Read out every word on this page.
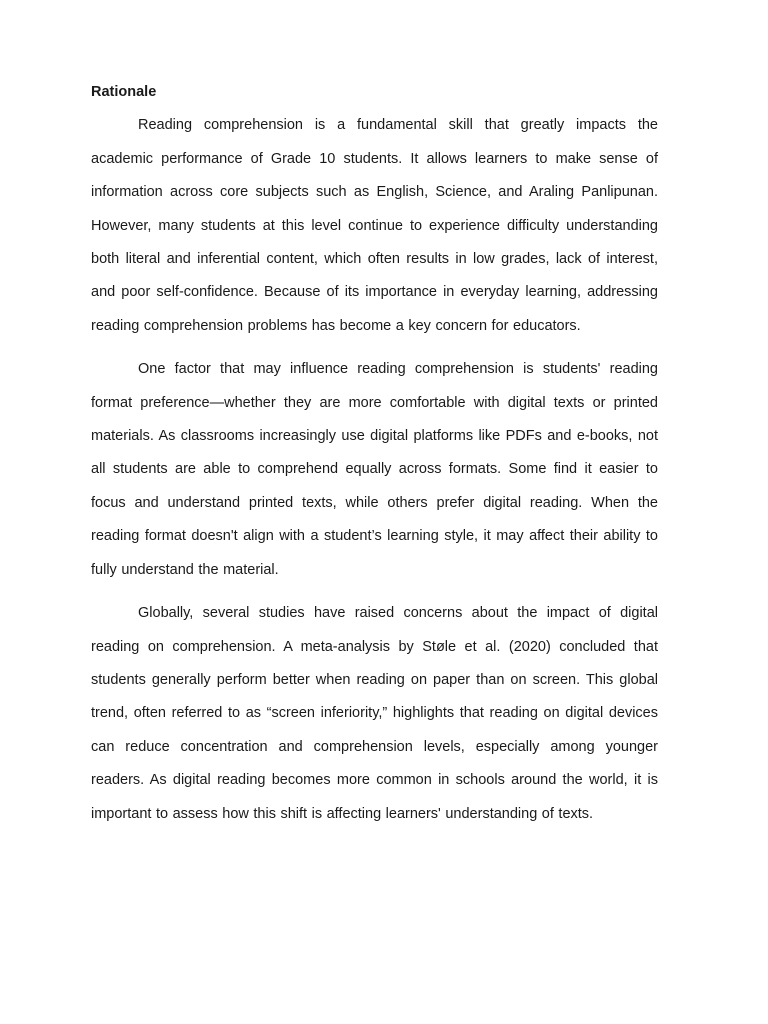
Rationale

Reading comprehension is a fundamental skill that greatly impacts the academic performance of Grade 10 students. It allows learners to make sense of information across core subjects such as English, Science, and Araling Panlipunan. However, many students at this level continue to experience difficulty understanding both literal and inferential content, which often results in low grades, lack of interest, and poor self-confidence. Because of its importance in everyday learning, addressing reading comprehension problems has become a key concern for educators.

One factor that may influence reading comprehension is students' reading format preference—whether they are more comfortable with digital texts or printed materials. As classrooms increasingly use digital platforms like PDFs and e-books, not all students are able to comprehend equally across formats. Some find it easier to focus and understand printed texts, while others prefer digital reading. When the reading format doesn't align with a student’s learning style, it may affect their ability to fully understand the material.

Globally, several studies have raised concerns about the impact of digital reading on comprehension. A meta-analysis by Støle et al. (2020) concluded that students generally perform better when reading on paper than on screen. This global trend, often referred to as “screen inferiority,” highlights that reading on digital devices can reduce concentration and comprehension levels, especially among younger readers. As digital reading becomes more common in schools around the world, it is important to assess how this shift is affecting learners' understanding of texts.
